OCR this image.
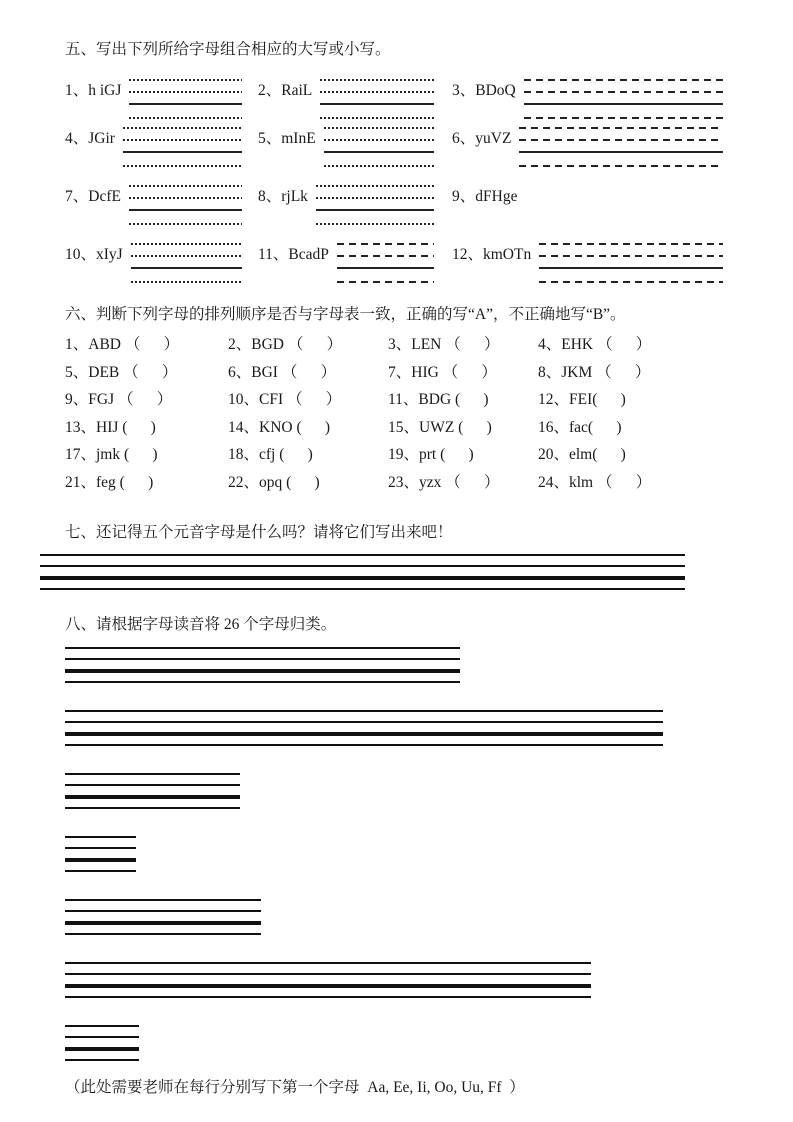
五、写出下列所给字母组合相应的大写或小写。
1、h iGJ	2、RaiL	3、BDoQ
4、JGir	5、mInE	6、yuVZ
7、DcfE	8、rjLk	9、dFHge
10、xIyJ	11、BcadP	12、kmOTn
六、判断下列字母的排列顺序是否与字母表一致，正确的写“A”，不正确地写“B”。
1、ABD （      ）	2、BGD （      ）	3、LEN （      ）	4、EHK （      ）
5、DEB （      ）	6、BGI （      ）	7、HIG （      ）	8、JKM （      ）
9、FGJ （      ）	10、CFI （      ）	11、BDG (      )	12、FEI(      )
13、HIJ (      )	14、KNO (      )	15、UWZ (      )	16、fac(      )
17、jmk (      )	18、cfj (      )	19、prt (      )	20、elm(      )
21、feg (      )	22、opq (      )	23、yzx （      ）	24、klm （      ）
七、还记得五个元音字母是什么吗？请将它们写出来吧！
八、请根据字母读音将 26 个字母归类。
（此处需要老师在每行分别写下第一个字母  Aa, Ee, Ii, Oo, Uu, Ff  ）
